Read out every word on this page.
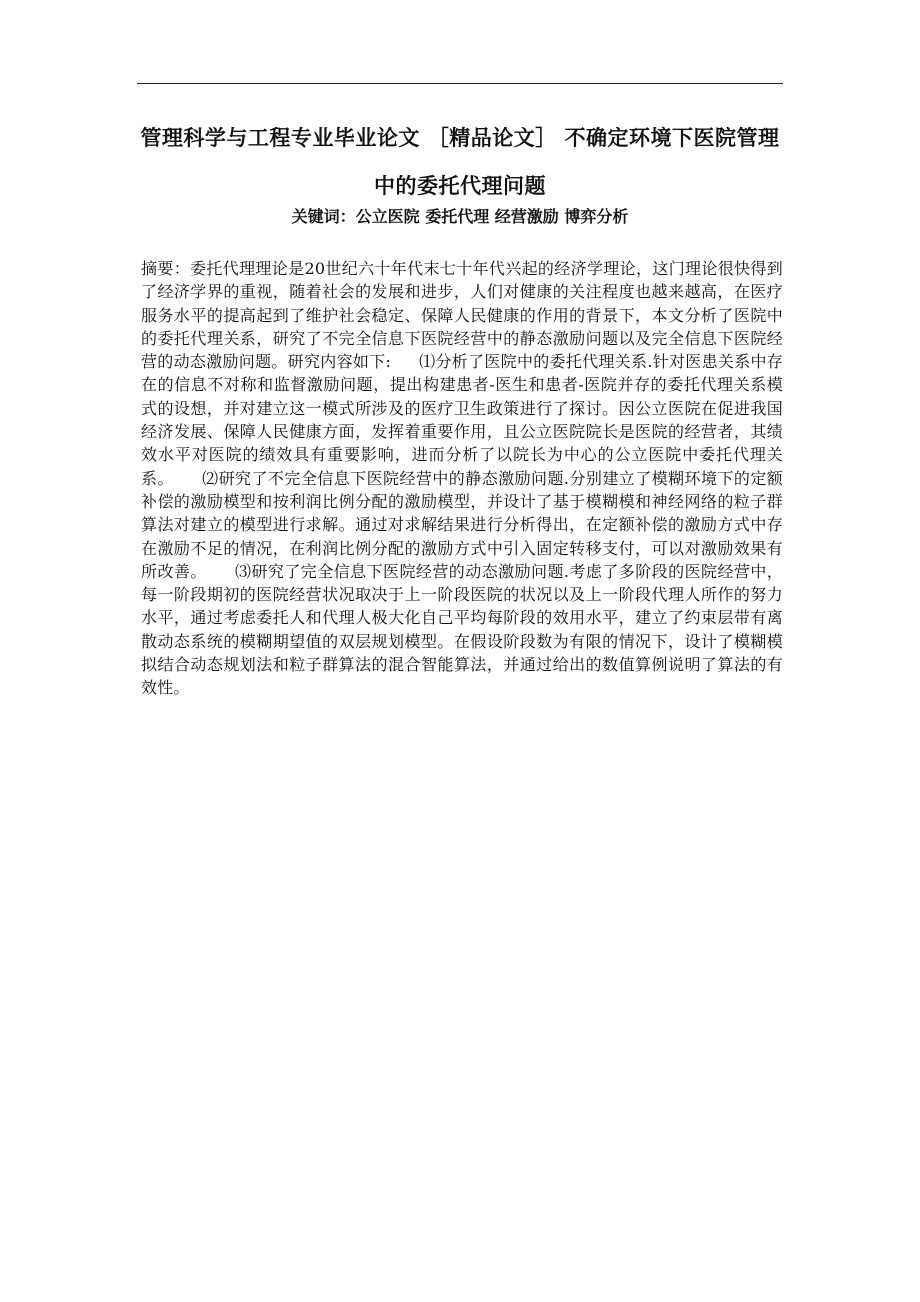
管理科学与工程专业毕业论文 ［精品论文］ 不确定环境下医院管理中的委托代理问题

关键词：公立医院 委托代理 经营激励 博弈分析

摘要：委托代理理论是20世纪六十年代末七十年代兴起的经济学理论，这门理论很快得到了经济学界的重视，随着社会的发展和进步，人们对健康的关注程度也越来越高，在医疗服务水平的提高起到了维护社会稳定、保障人民健康的作用的背景下，本文分析了医院中的委托代理关系，研究了不完全信息下医院经营中的静态激励问题以及完全信息下医院经营的动态激励问题。研究内容如下: ⑴分析了医院中的委托代理关系.针对医患关系中存在的信息不对称和监督激励问题，提出构建患者-医生和患者-医院并存的委托代理关系模式的设想，并对建立这一模式所涉及的医疗卫生政策进行了探讨。因公立医院在促进我国经济发展、保障人民健康方面，发挥着重要作用，且公立医院院长是医院的经营者，其绩效水平对医院的绩效具有重要影响，进而分析了以院长为中心的公立医院中委托代理关系。 ⑵研究了不完全信息下医院经营中的静态激励问题.分别建立了模糊环境下的定额补偿的激励模型和按利润比例分配的激励模型，并设计了基于模糊模和神经网络的粒子群算法对建立的模型进行求解。通过对求解结果进行分析得出，在定额补偿的激励方式中存在激励不足的情况，在利润比例分配的激励方式中引入固定转移支付，可以对激励效果有所改善。 ⑶研究了完全信息下医院经营的动态激励问题.考虑了多阶段的医院经营中，每一阶段期初的医院经营状况取决于上一阶段医院的状况以及上一阶段代理人所作的努力水平，通过考虑委托人和代理人极大化自己平均每阶段的效用水平，建立了约束层带有离散动态系统的模糊期望值的双层规划模型。在假设阶段数为有限的情况下，设计了模糊模拟结合动态规划法和粒子群算法的混合智能算法，并通过给出的数值算例说明了算法的有效性。
